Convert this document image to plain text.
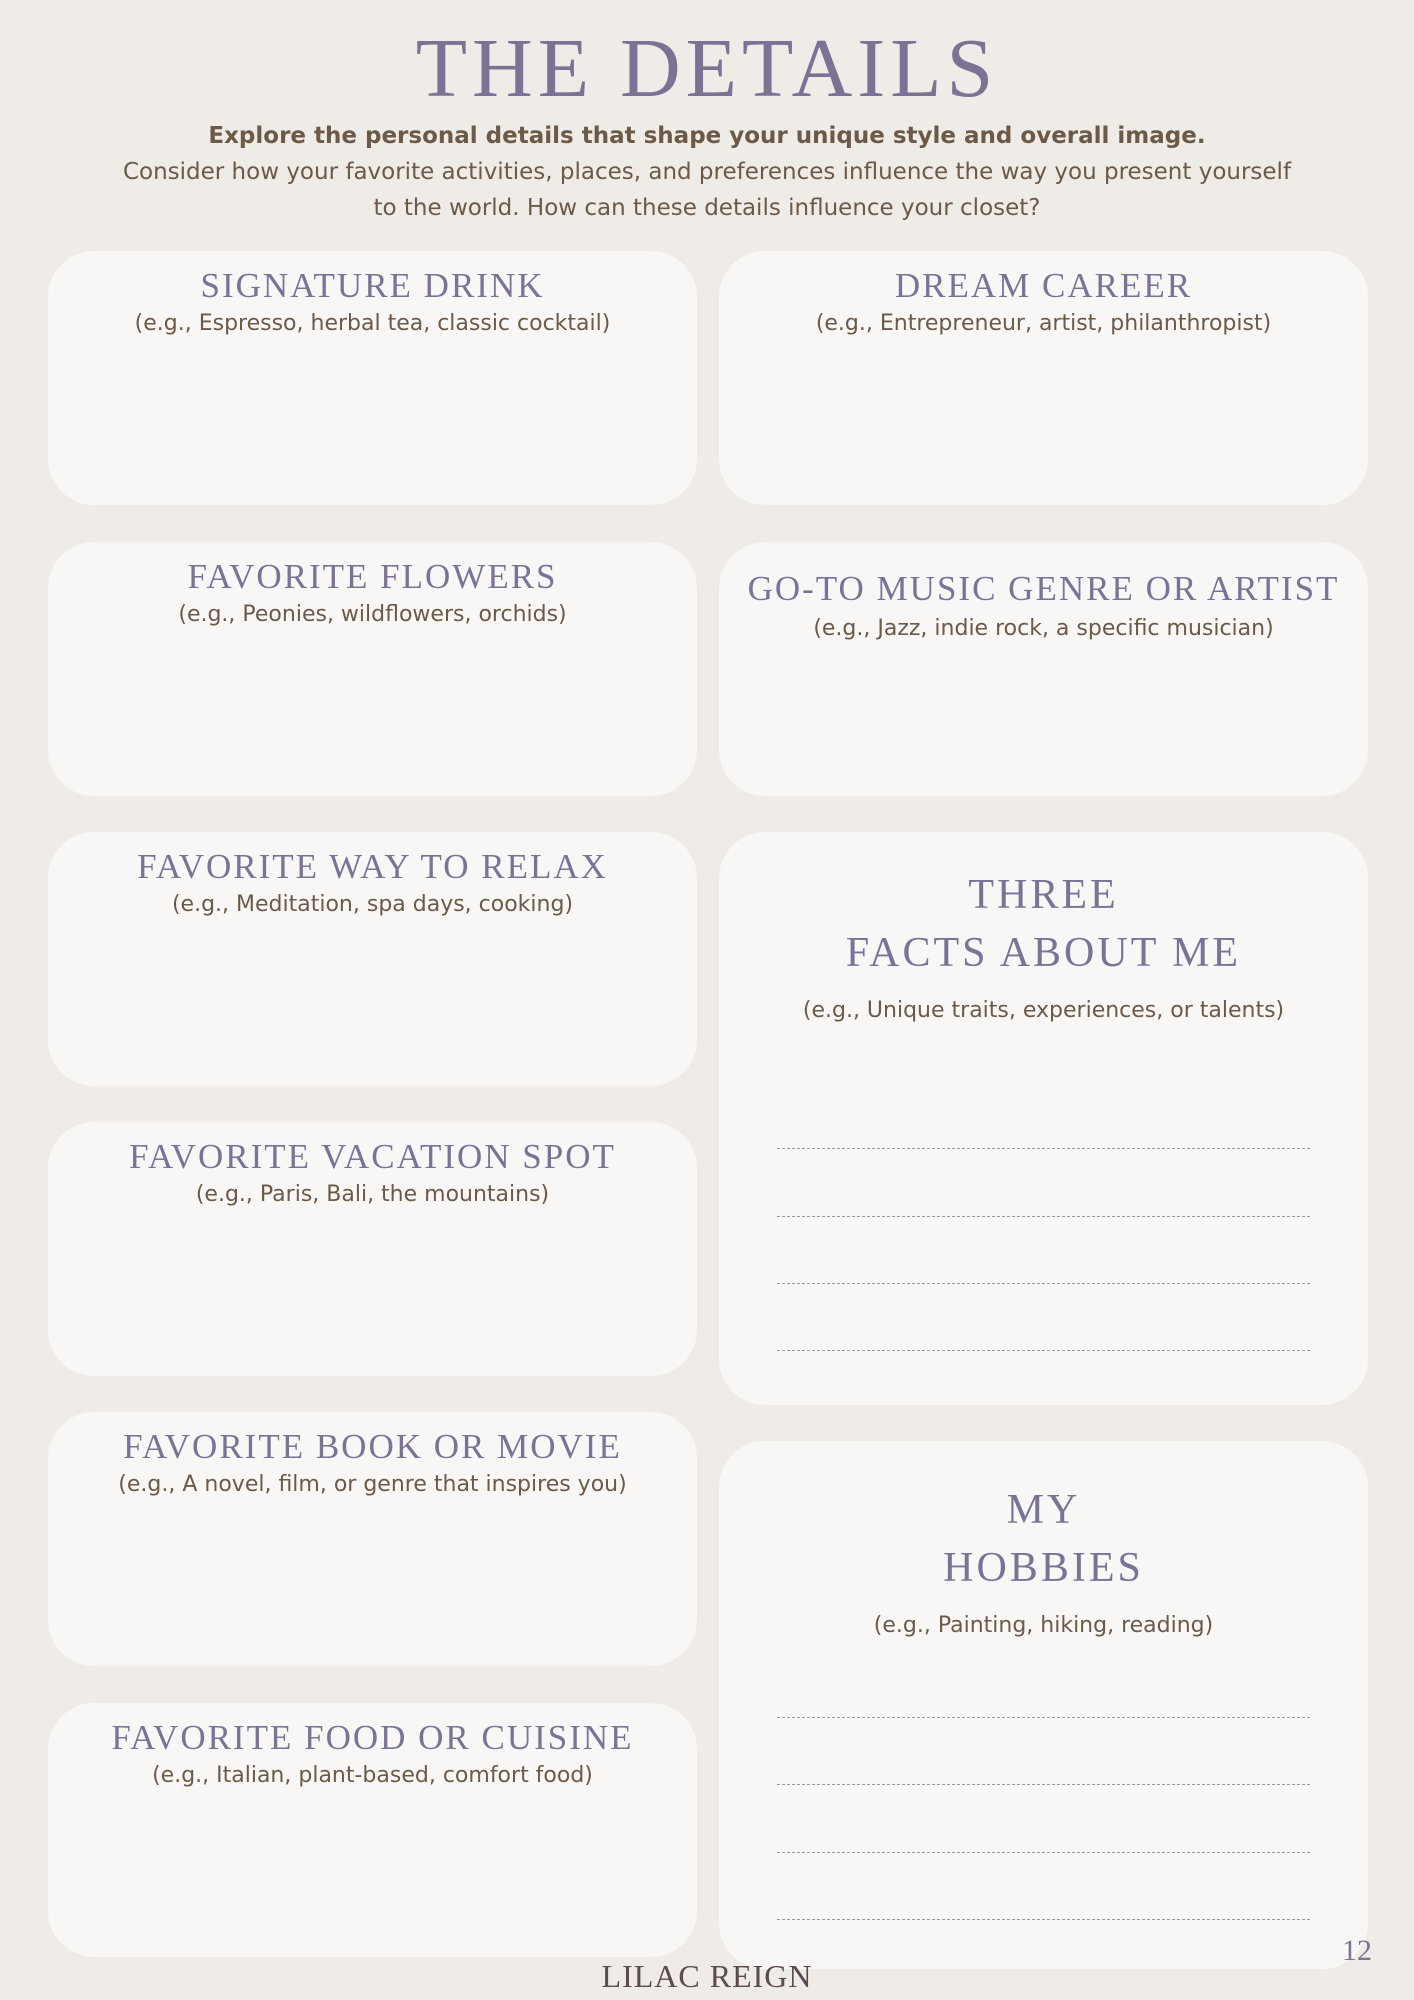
THE DETAILS
Explore the personal details that shape your unique style and overall image.
Consider how your favorite activities, places, and preferences influence the way you present yourself to the world. How can these details influence your closet?
SIGNATURE DRINK
(e.g., Espresso, herbal tea, classic cocktail)
FAVORITE FLOWERS
(e.g., Peonies, wildflowers, orchids)
FAVORITE WAY TO RELAX
(e.g., Meditation, spa days, cooking)
FAVORITE VACATION SPOT
(e.g., Paris, Bali, the mountains)
FAVORITE BOOK OR MOVIE
(e.g., A novel, film, or genre that inspires you)
FAVORITE FOOD OR CUISINE
(e.g., Italian, plant-based, comfort food)
DREAM CAREER
(e.g., Entrepreneur, artist, philanthropist)
GO-TO MUSIC GENRE OR ARTIST
(e.g., Jazz, indie rock, a specific musician)
THREE
FACTS ABOUT ME
(e.g., Unique traits, experiences, or talents)
MY
HOBBIES
(e.g., Painting, hiking, reading)
12
LILAC REIGN
